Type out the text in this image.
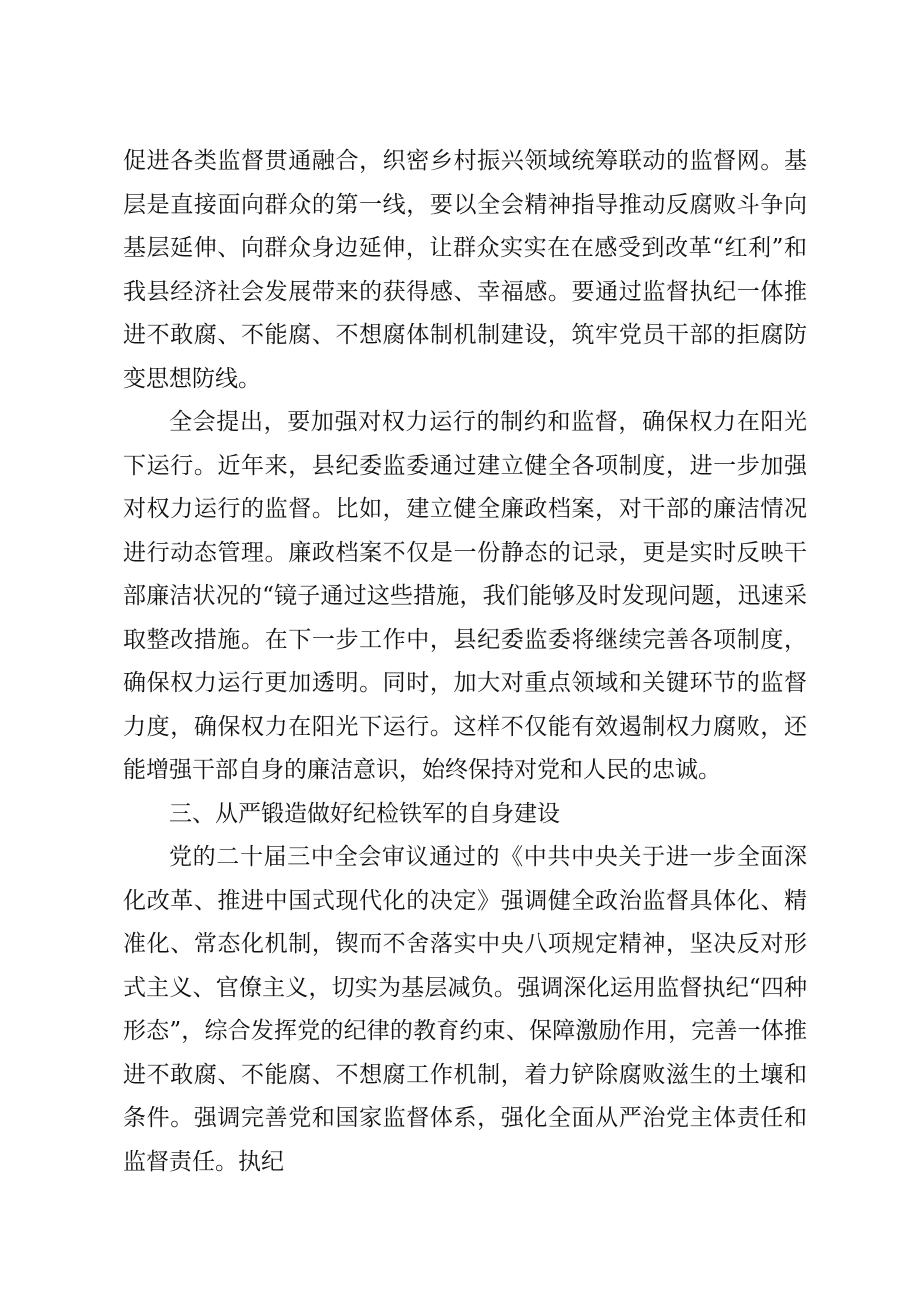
促进各类监督贯通融合，织密乡村振兴领域统筹联动的监督网。基层是直接面向群众的第一线，要以全会精神指导推动反腐败斗争向基层延伸、向群众身边延伸，让群众实实在在感受到改革“红利”和我县经济社会发展带来的获得感、幸福感。要通过监督执纪一体推进不敢腐、不能腐、不想腐体制机制建设，筑牢党员干部的拒腐防变思想防线。

全会提出，要加强对权力运行的制约和监督，确保权力在阳光下运行。近年来，县纪委监委通过建立健全各项制度，进一步加强对权力运行的监督。比如，建立健全廉政档案，对干部的廉洁情况进行动态管理。廉政档案不仅是一份静态的记录，更是实时反映干部廉洁状况的“镜子通过这些措施，我们能够及时发现问题，迅速采取整改措施。在下一步工作中，县纪委监委将继续完善各项制度，确保权力运行更加透明。同时，加大对重点领域和关键环节的监督力度，确保权力在阳光下运行。这样不仅能有效遏制权力腐败，还能增强干部自身的廉洁意识，始终保持对党和人民的忠诚。

三、从严锻造做好纪检铁军的自身建设

党的二十届三中全会审议通过的《中共中央关于进一步全面深化改革、推进中国式现代化的决定》强调健全政治监督具体化、精准化、常态化机制，锲而不舍落实中央八项规定精神，坚决反对形式主义、官僚主义，切实为基层减负。强调深化运用监督执纪“四种形态”，综合发挥党的纪律的教育约束、保障激励作用，完善一体推进不敢腐、不能腐、不想腐工作机制，着力铲除腐败滋生的土壤和条件。强调完善党和国家监督体系，强化全面从严治党主体责任和监督责任。执纪
